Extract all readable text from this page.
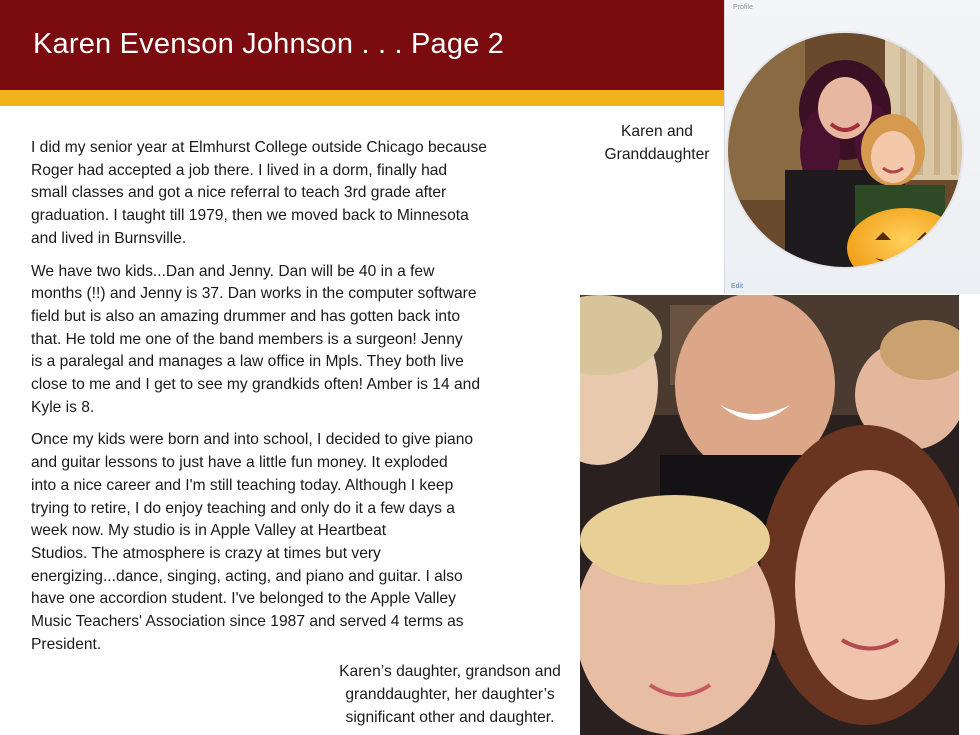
Karen Evenson Johnson . . . Page 2

I did my senior year at Elmhurst College outside Chicago because
Roger had accepted a job there. I lived in a dorm, finally had
small classes and got a nice referral to teach 3rd grade after
graduation. I taught till 1979, then we moved back to Minnesota
and lived in Burnsville.

We have two kids...Dan and Jenny. Dan will be 40 in a few
months (!!) and Jenny is 37. Dan works in the computer software
field but is also an amazing drummer and has gotten back into
that. He told me one of the band members is a surgeon! Jenny
is a paralegal and manages a law office in Mpls. They both live
close to me and I get to see my grandkids often! Amber is 14 and
Kyle is 8.

Once my kids were born and into school, I decided to give piano
and guitar lessons to just have a little fun money. It exploded
into a nice career and I'm still teaching today. Although I keep
trying to retire, I do enjoy teaching and only do it a few days a
week now. My studio is in Apple Valley at Heartbeat
Studios. The atmosphere is crazy at times but very
energizing...dance, singing, acting, and piano and guitar. I also
have one accordion student. I've belonged to the Apple Valley
Music Teachers' Association since 1987 and served 4 terms as
President.

Profile
Edit
Karen and
Granddaughter
Karen’s daughter, grandson and
granddaughter, her daughter’s
significant other and daughter.
